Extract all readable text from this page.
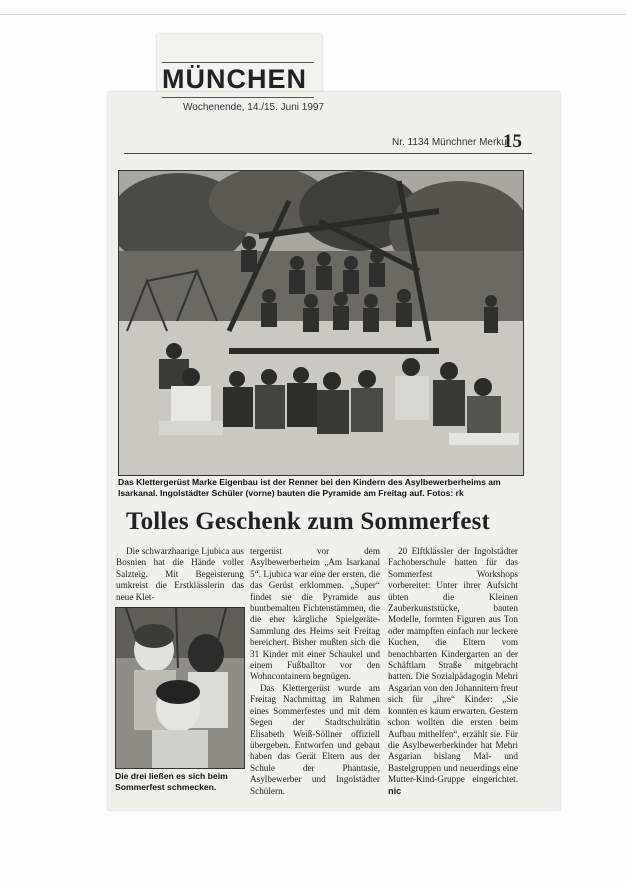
MÜNCHEN
Wochenende, 14./15. Juni 1997
Nr. 1134 Münchner Merkur
15
Das Klettergerüst Marke Eigenbau ist der Renner bei den Kindern des Asylbewerberheims am Isarkanal. Ingolstädter Schüler (vorne) bauten die Pyramide am Freitag auf. Fotos: rk
Tolles Geschenk zum Sommerfest

Die schwarzhaarige Ljubica aus Bosnien hat die Hände voller Salzteig. Mit Begeisterung umkreist die Erstklässlerin das neue Klet-

Die drei ließen es sich beim Sommerfest schmecken.

tergerüst vor dem Asylbewerberheim „Am Isarkanal 5“. Ljubica war eine der ersten, die das Gerüst erklommen. „Super“ findet sie die Pyramide aus buntbemalten Fichtenstämmen, die die eher kärgliche Spielgeräte-Sammlung des Heims seit Freitag bereichert. Bisher mußten sich die 31 Kinder mit einer Schaukel und einem Fußballtor vor den Wohncontainern begnügen.

Das Klettergerüst wurde am Freitag Nachmittag im Rahmen eines Sommerfestes und mit dem Segen der Stadtschulrätin Elisabeth Weiß-Söllner offiziell übergeben. Entworfen und gebaut haben das Gerät Eltern aus der Schule der Phantasie, Asylbewerber und Ingolstädter Schülern.

20 Elftklässler der Ingolstädter Fachoberschule hatten für das Sommerfest Workshops vorbereitet: Unter ihrer Aufsicht übten die Kleinen Zauberkunststücke, bauten Modelle, formten Figuren aus Ton oder mampften einfach nur leckere Kuchen, die Eltern vom benachbarten Kindergarten an der Schäftlarn Straße mitgebracht hatten. Die Sozialpädagogin Mehri Asgarian von den Johannitern freut sich für „ihre“ Kinder: „Sie konnten es kaum erwarten. Gestern schon wollten die ersten beim Aufbau mithelfen“, erzählt sie. Für die Asylbewerberkinder hat Mehri Asgarian bislang Mal- und Bastelgruppen und neuerdings eine Mutter-Kind-Gruppe eingerichtet. nic
